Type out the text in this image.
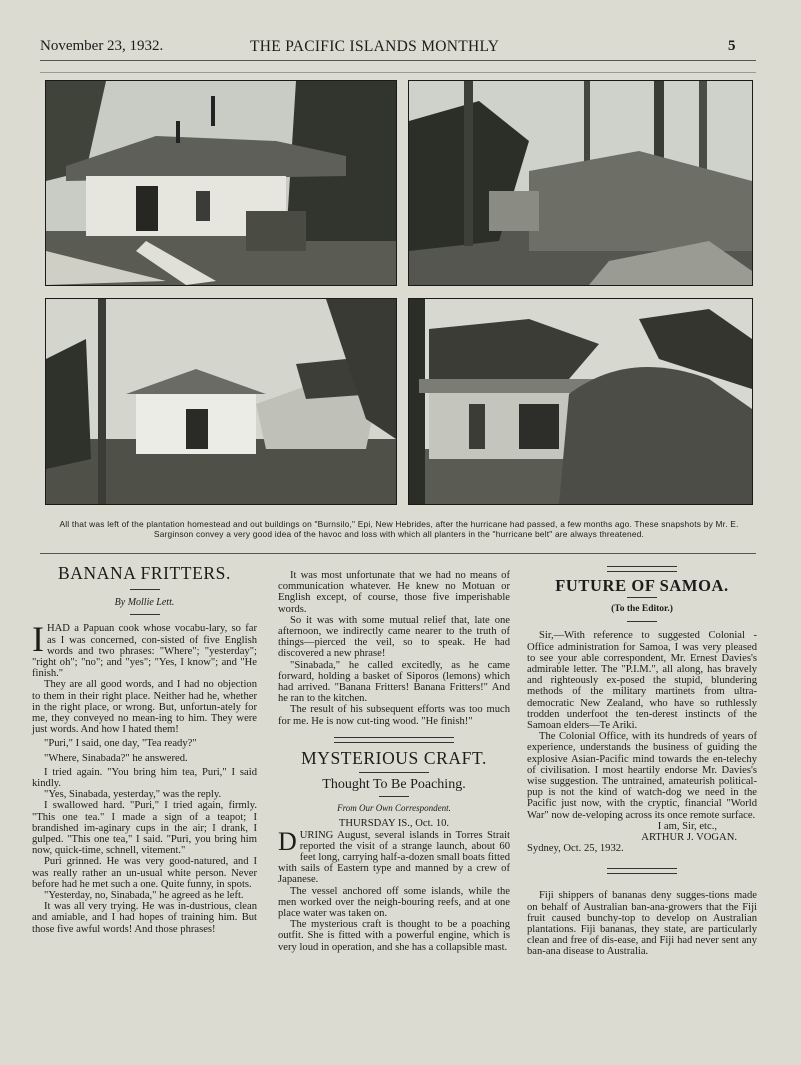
November 23, 1932.	THE PACIFIC ISLANDS MONTHLY	5
All that was left of the plantation homestead and out buildings on "Burnsilo," Epi, New Hebrides, after the hurricane had passed, a few months ago. These snapshots by Mr. E. Sarginson convey a very good idea of the havoc and loss with which all planters in the "hurricane belt" are always threatened.

BANANA FRITTERS.

By Mollie Lett.

IHAD a Papuan cook whose vocabu-lary, so far as I was concerned, con-sisted of five English words and two phrases: "Where"; "yesterday"; "right oh"; "no"; and "yes"; "Yes, I know"; and "He finish."

They are all good words, and I had no objection to them in their right place. Neither had he, whether in the right place, or wrong. But, unfortun-ately for me, they conveyed no mean-ing to him. They were just words. And how I hated them!

"Puri," I said, one day, "Tea ready?"

"Where, Sinabada?" he answered.

I tried again. "You bring him tea, Puri," I said kindly.

"Yes, Sinabada, yesterday," was the reply.

I swallowed hard. "Puri," I tried again, firmly. "This one tea." I made a sign of a teapot; I brandished im-aginary cups in the air; I drank, I gulped. "This one tea," I said. "Puri, you bring him now, quick-time, schnell, vitement."

Puri grinned. He was very good-natured, and I was really rather an un-usual white person. Never before had he met such a one. Quite funny, in spots.

"Yesterday, no, Sinabada," he agreed as he left.

It was all very trying. He was in-dustrious, clean and amiable, and I had hopes of training him. But those five awful words! And those phrases!

It was most unfortunate that we had no means of communication whatever. He knew no Motuan or English except, of course, those five imperishable words.

So it was with some mutual relief that, late one afternoon, we indirectly came nearer to the truth of things—pierced the veil, so to speak. He had discovered a new phrase!

"Sinabada," he called excitedly, as he came forward, holding a basket of Siporos (lemons) which had arrived. "Banana Fritters! Banana Fritters!" And he ran to the kitchen.

The result of his subsequent efforts was too much for me. He is now cut-ting wood. "He finish!"

MYSTERIOUS CRAFT.

Thought To Be Poaching.

From Our Own Correspondent.

THURSDAY IS., Oct. 10.

DURING August, several islands in Torres Strait reported the visit of a strange launch, about 60 feet long, carrying half-a-dozen small boats fitted with sails of Eastern type and manned by a crew of Japanese.

The vessel anchored off some islands, while the men worked over the neigh-bouring reefs, and at one place water was taken on.

The mysterious craft is thought to be a poaching outfit. She is fitted with a powerful engine, which is very loud in operation, and she has a collapsible mast.

FUTURE OF SAMOA.

(To the Editor.)

Sir,—With reference to suggested Colonial - Office administration for Samoa, I was very pleased to see your able correspondent, Mr. Ernest Davies's admirable letter. The "P.I.M.", all along, has bravely and righteously ex-posed the stupid, blundering methods of the military martinets from ultra-democratic New Zealand, who have so ruthlessly trodden underfoot the ten-derest instincts of the Samoan elders—Te Ariki.

The Colonial Office, with its hundreds of years of experience, understands the business of guiding the explosive Asian-Pacific mind towards the en-telechy of civilisation. I most heartily endorse Mr. Davies's wise suggestion. The untrained, amateurish political-pup is not the kind of watch-dog we need in the Pacific just now, with the cryptic, financial "World War" now de-veloping across its once remote surface.

I am, Sir, etc.,

ARTHUR J. VOGAN.

Sydney, Oct. 25, 1932.

Fiji shippers of bananas deny sugges-tions made on behalf of Australian ban-ana-growers that the Fiji fruit caused bunchy-top to develop on Australian plantations. Fiji bananas, they state, are particularly clean and free of dis-ease, and Fiji had never sent any ban-ana disease to Australia.
